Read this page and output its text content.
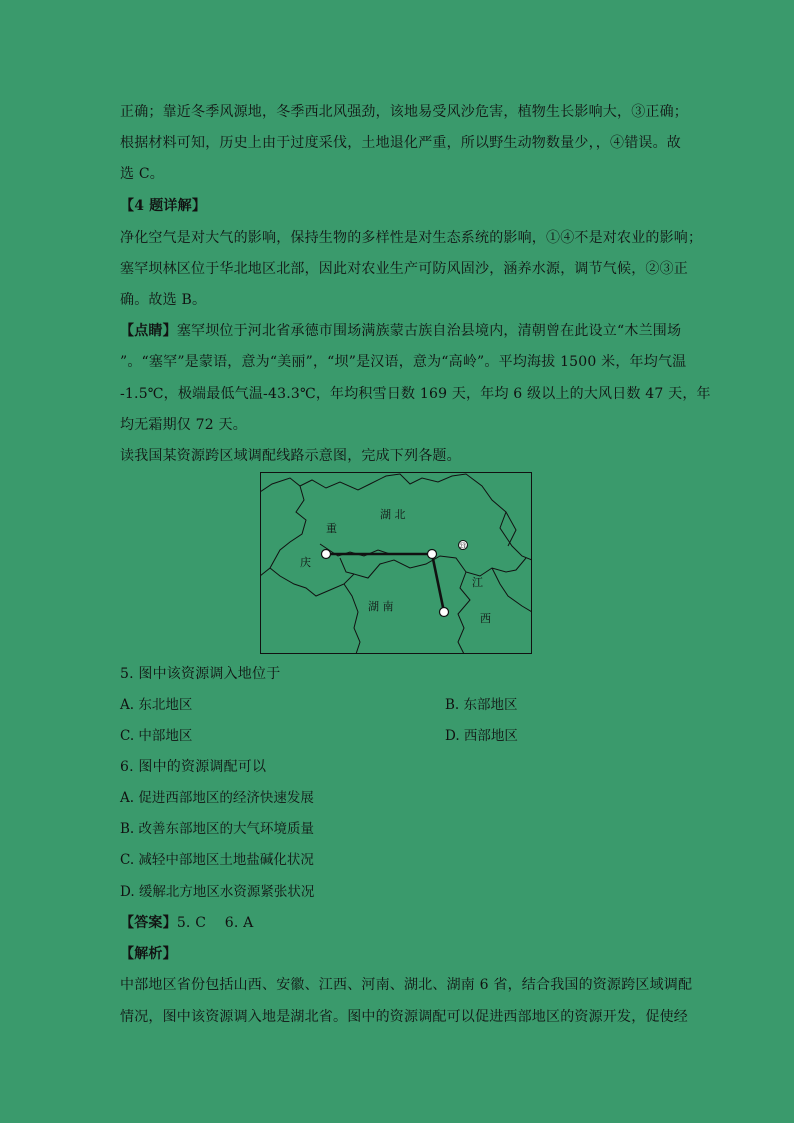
正确；靠近冬季风源地，冬季西北风强劲，该地易受风沙危害，植物生长影响大，③正确；
根据材料可知，历史上由于过度采伐，土地退化严重，所以野生动物数量少，，④错误。故
选 C。
【4 题详解】
净化空气是对大气的影响，保持生物的多样性是对生态系统的影响，①④不是对农业的影响；
塞罕坝林区位于华北地区北部，因此对农业生产可防风固沙，涵养水源，调节气候，②③正
确。故选 B。
【点睛】塞罕坝位于河北省承德市围场满族蒙古族自治县境内，清朝曾在此设立“木兰围场
”。“塞罕”是蒙语，意为“美丽”，“坝”是汉语，意为“高岭”。平均海拔 1500 米，年均气温
-1.5℃，极端最低气温-43.3℃，年均积雪日数 169 天，年均 6 级以上的大风日数 47 天，年
均无霜期仅 72 天。
读我国某资源跨区域调配线路示意图，完成下列各题。
㉓
湖 北
湖 南
江
西
重
庆
5. 图中该资源调入地位于
A. 东北地区	B. 东部地区
C. 中部地区	D. 西部地区
6. 图中的资源调配可以
A. 促进西部地区的经济快速发展
B. 改善东部地区的大气环境质量
C. 减轻中部地区土地盐碱化状况
D. 缓解北方地区水资源紧张状况
【答案】5. C    6. A
【解析】
中部地区省份包括山西、安徽、江西、河南、湖北、湖南 6 省，结合我国的资源跨区域调配
情况，图中该资源调入地是湖北省。图中的资源调配可以促进西部地区的资源开发，促使经
